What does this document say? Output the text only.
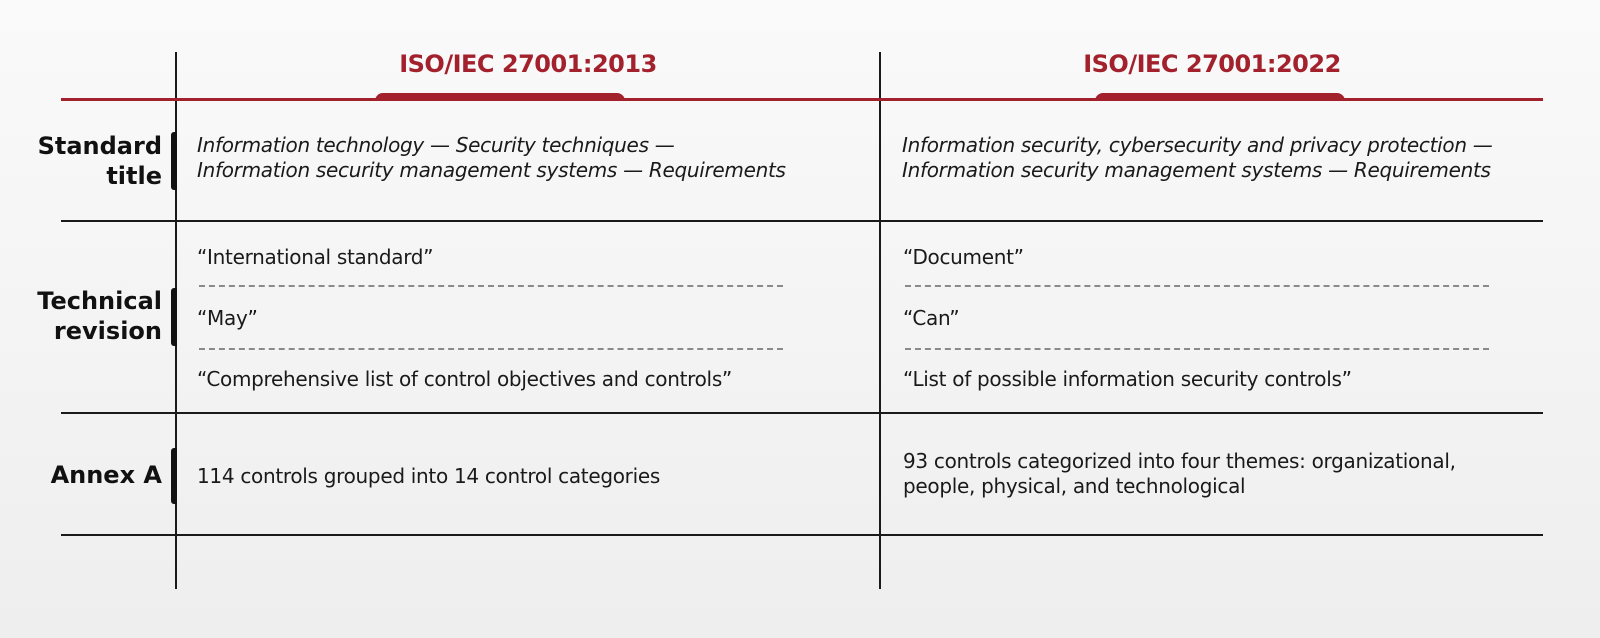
ISO/IEC 27001:2013	ISO/IEC 27001:2022
Standard
title
Information technology — Security techniques —
Information security management systems — Requirements
Information security, cybersecurity and privacy protection —
Information security management systems — Requirements
Technical
revision
“International standard”
“May”
“Comprehensive list of control objectives and controls”
“Document”
“Can”
“List of possible information security controls”
Annex A 114 controls grouped into 14 control categories
93 controls categorized into four themes: organizational,
people, physical, and technological
